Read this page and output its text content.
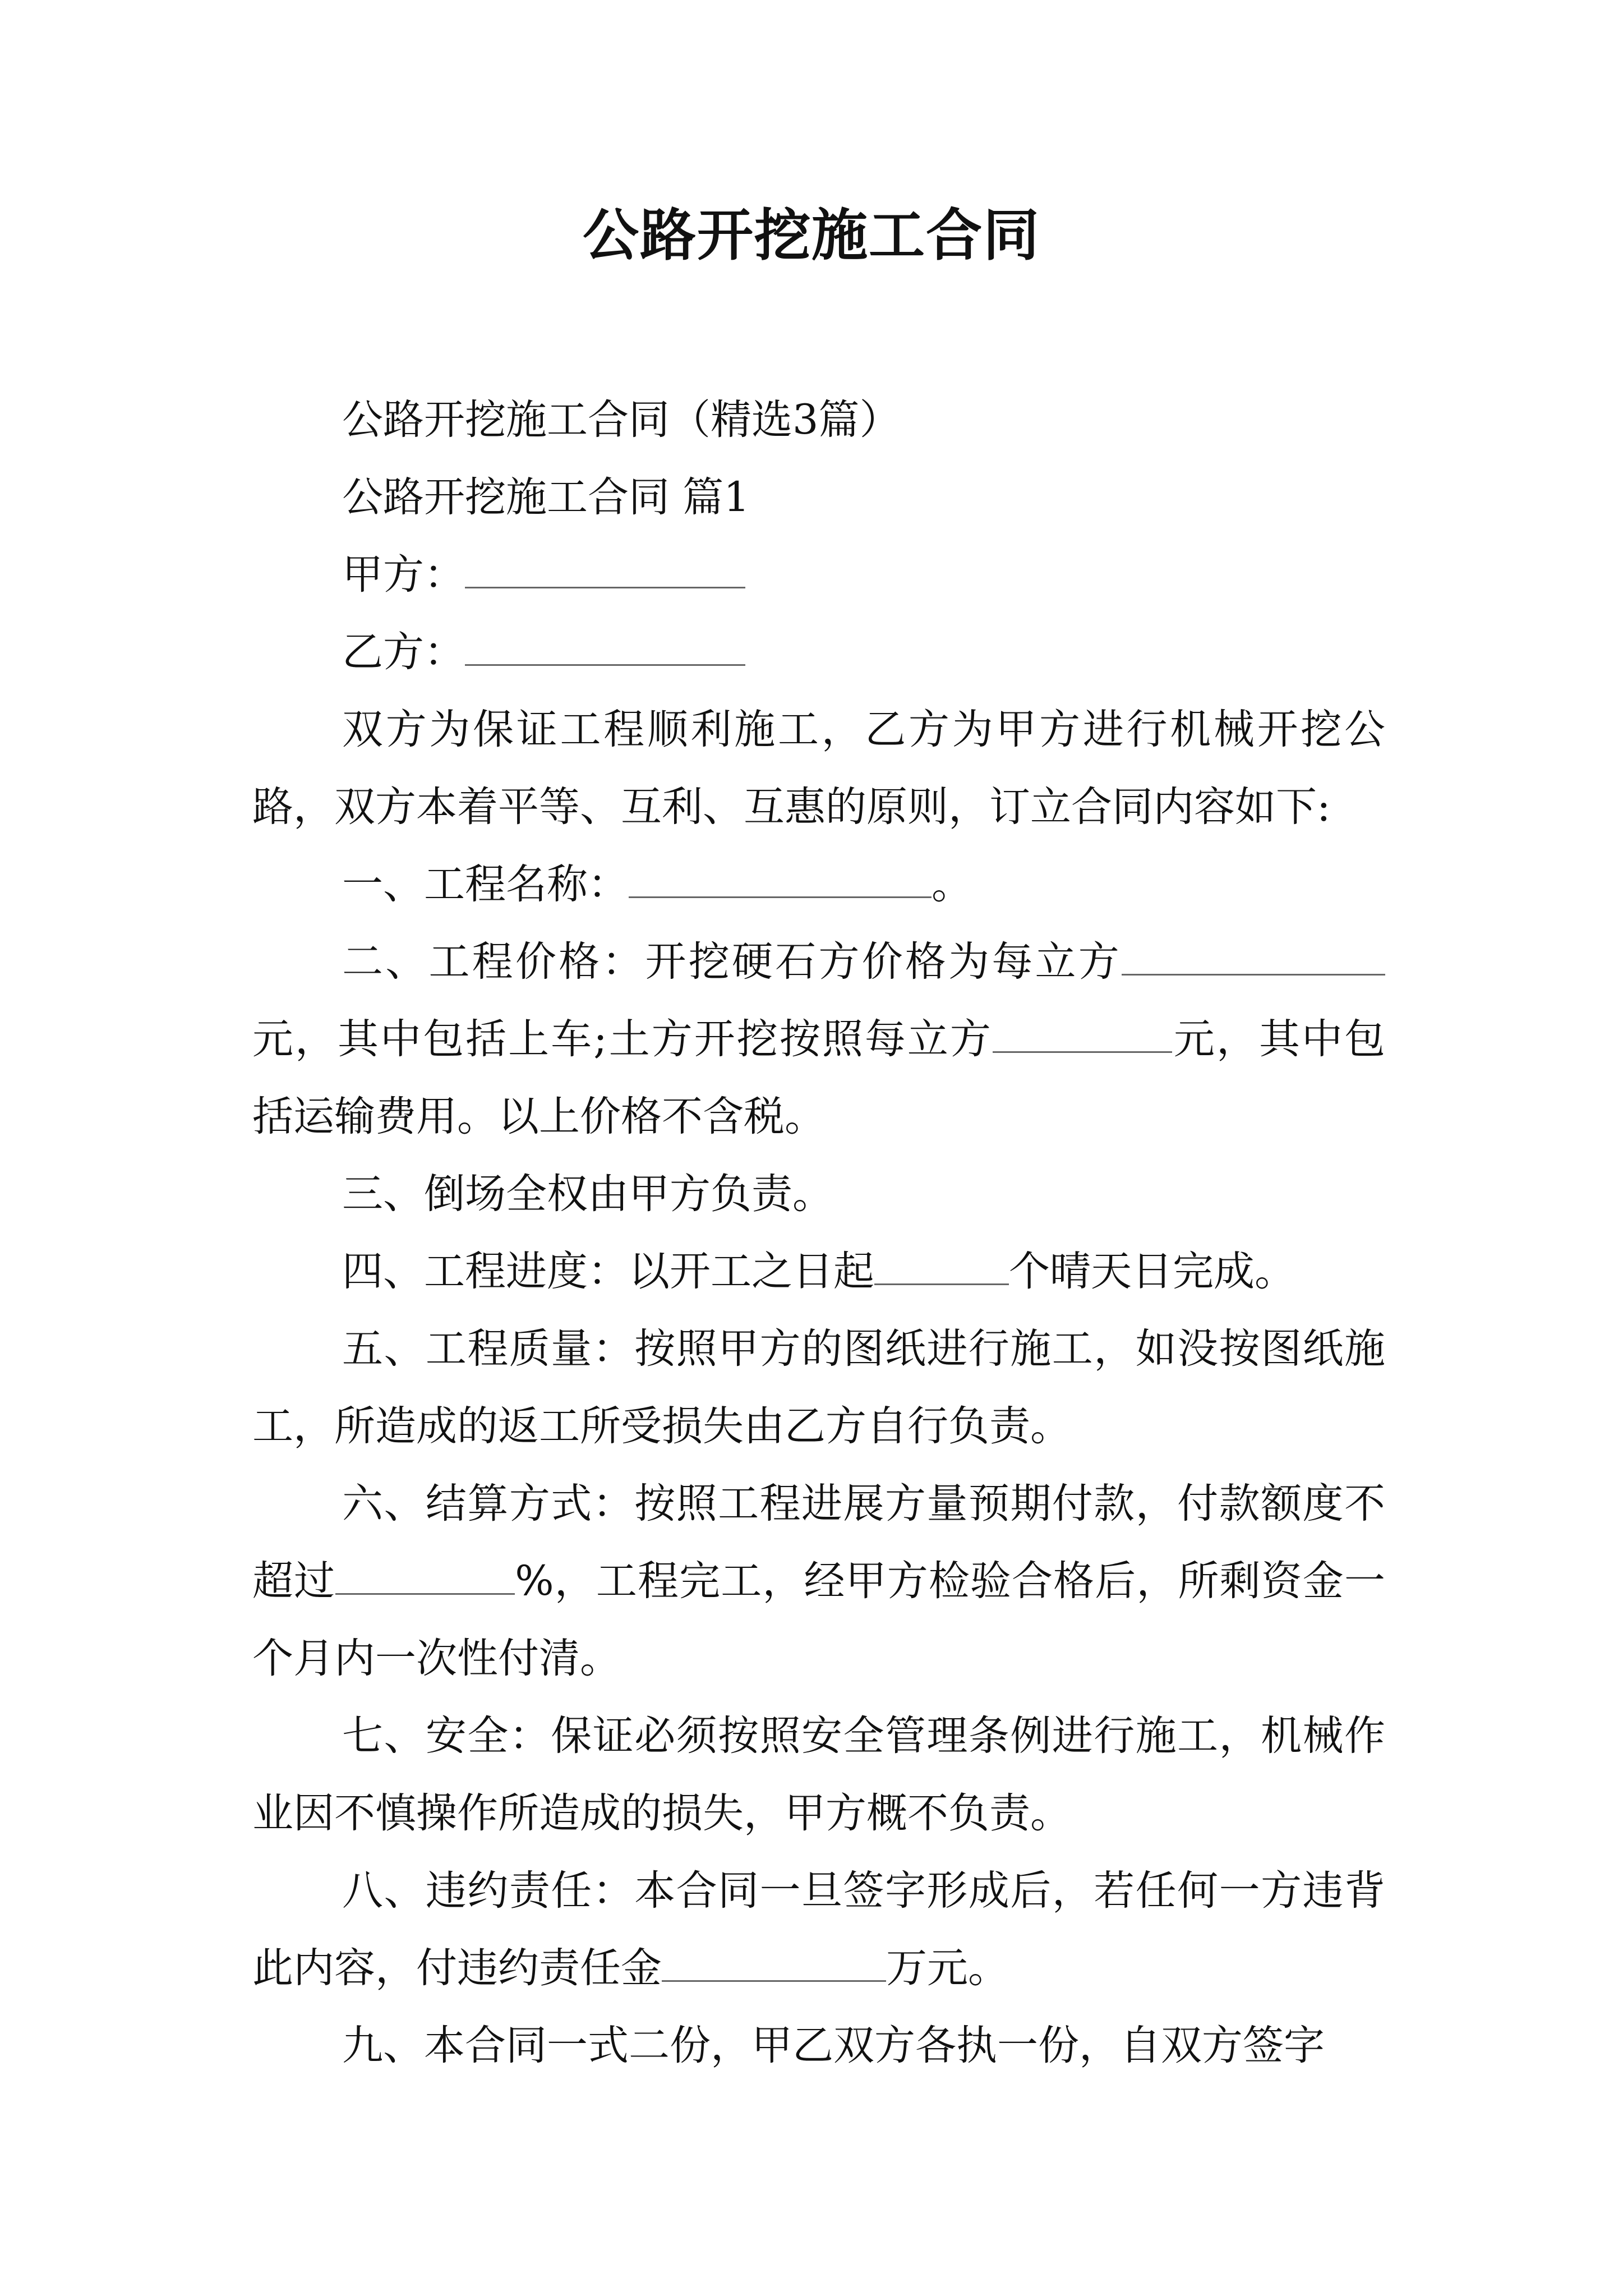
公路开挖施工合同

公路开挖施工合同（精选3篇）

公路开挖施工合同 篇1

甲方：

乙方：

双方为保证工程顺利施工，乙方为甲方进行机械开挖公路，双方本着平等、互利、互惠的原则，订立合同内容如下:

一、工程名称：	。

二、工程价格：开挖硬石方价格为每立方元，其中包括上车;土方开挖按照每立方	元，其中包括运输费用。以上价格不含税。

三、倒场全权由甲方负责。

四、工程进度：以开工之日起	个晴天日完成。

五、工程质量：按照甲方的图纸进行施工，如没按图纸施工，所造成的返工所受损失由乙方自行负责。

六、结算方式：按照工程进展方量预期付款，付款额度不超过	%，工程完工，经甲方检验合格后，所剩资金一个月内一次性付清。

七、安全：保证必须按照安全管理条例进行施工，机械作业因不慎操作所造成的损失，甲方概不负责。

八、违约责任：本合同一旦签字形成后，若任何一方违背此内容，付违约责任金	万元。

九、本合同一式二份，甲乙双方各执一份，自双方签字
